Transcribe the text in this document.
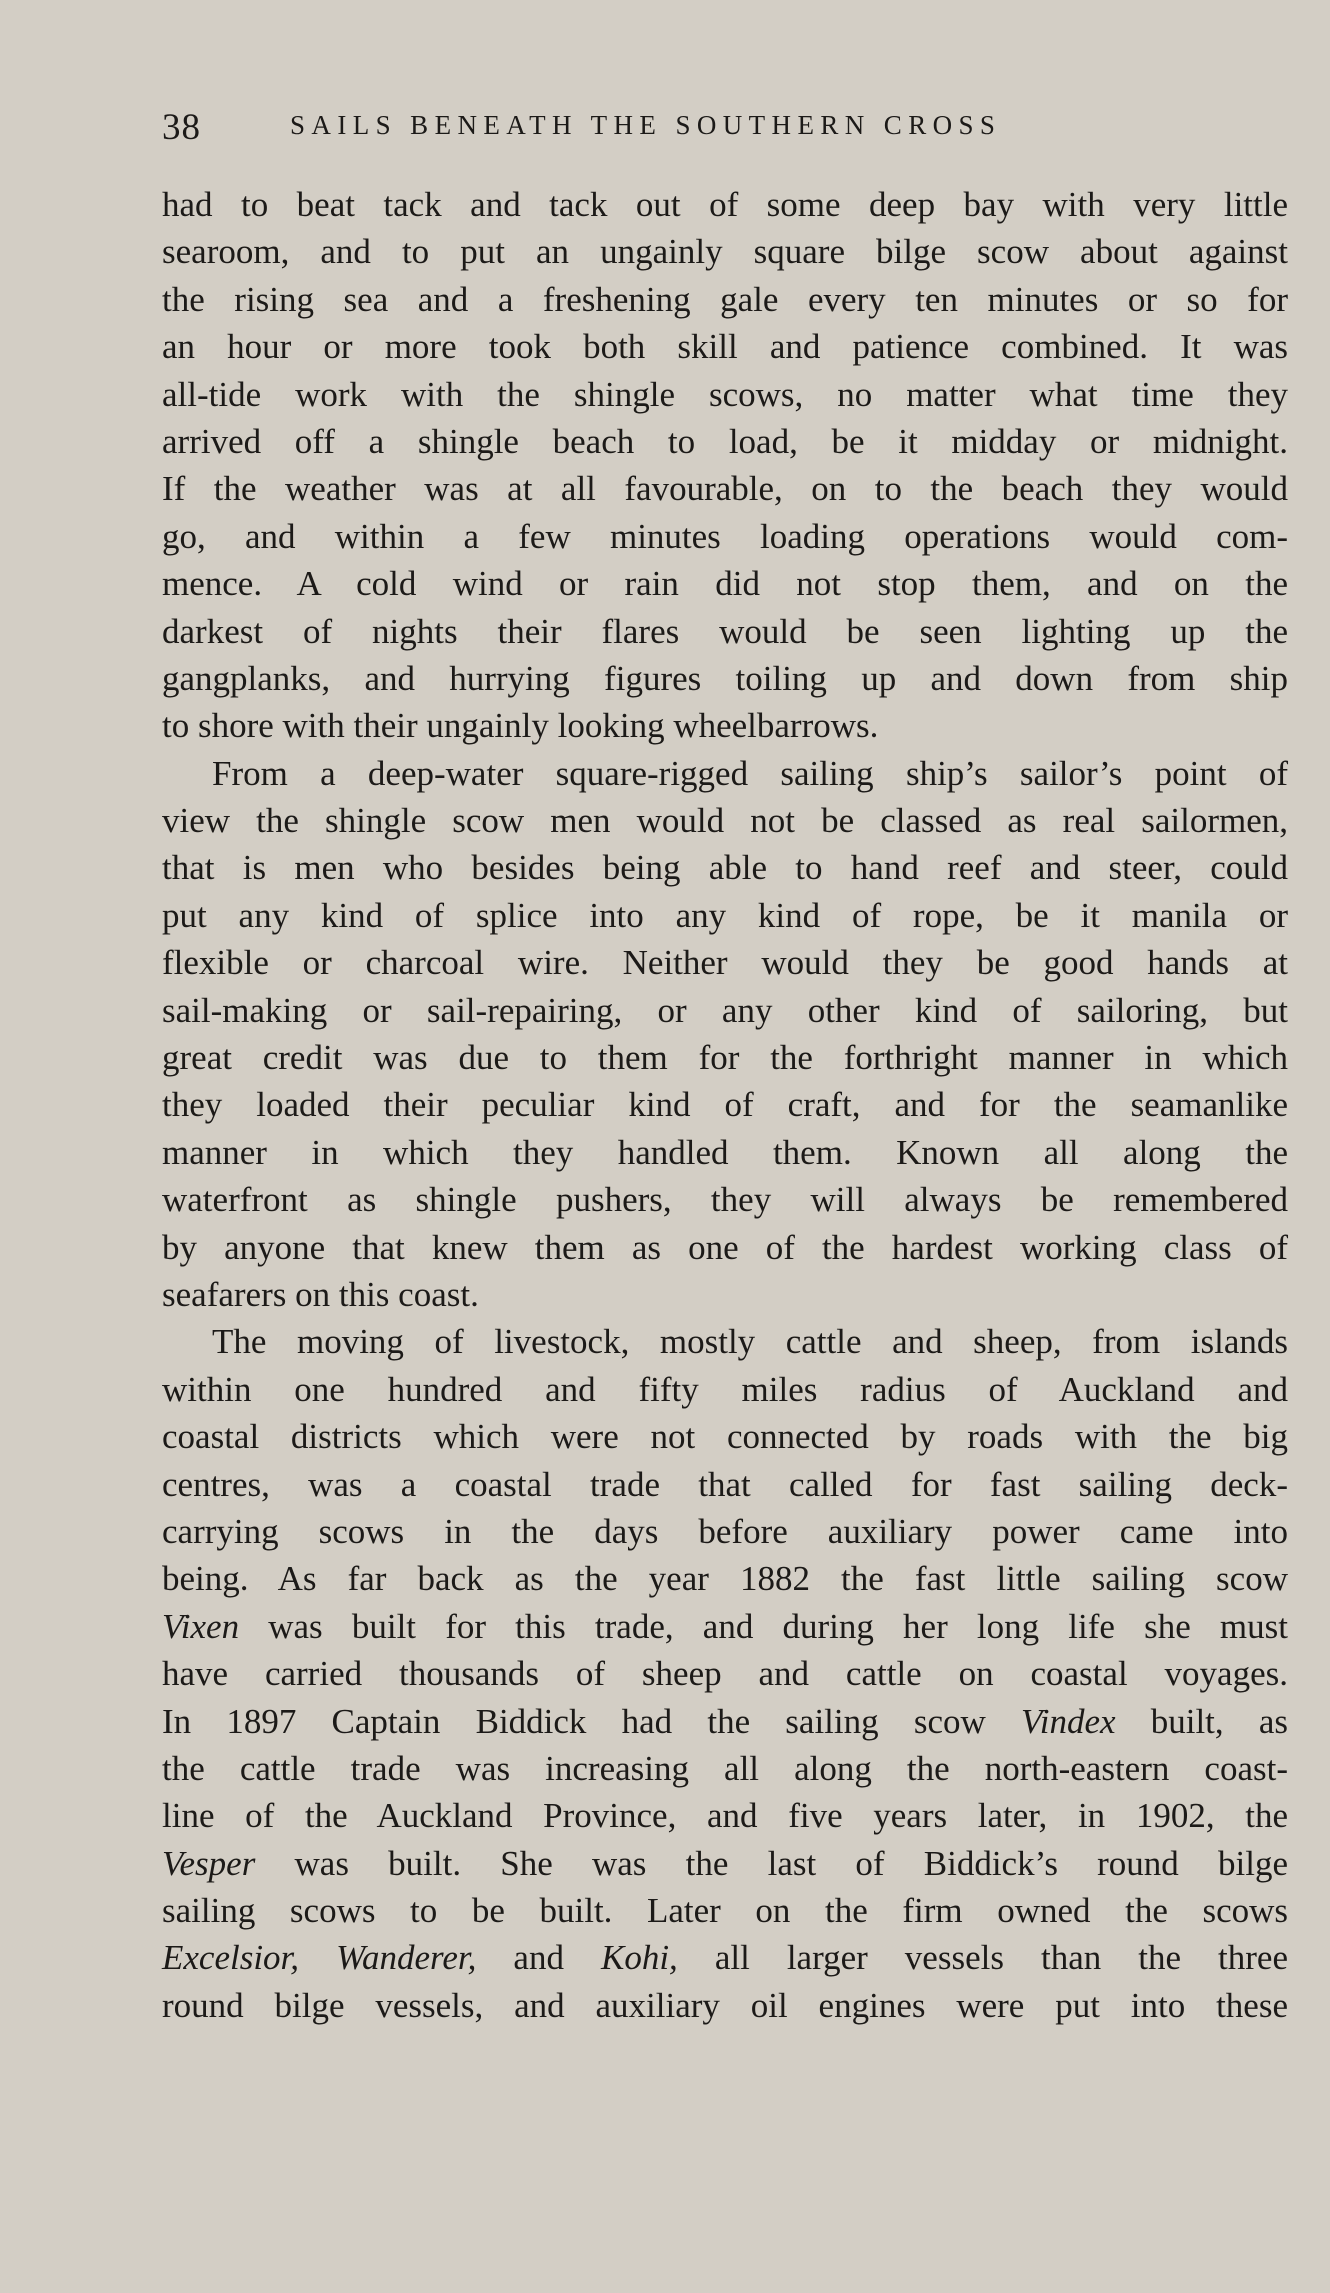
38	SAILS BENEATH THE SOUTHERN CROSS
had to beat tack and tack out of some deep bay with very little
searoom, and to put an ungainly square bilge scow about against
the rising sea and a freshening gale every ten minutes or so for
an hour or more took both skill and patience combined. It was
all-tide work with the shingle scows, no matter what time they
arrived off a shingle beach to load, be it midday or midnight.
If the weather was at all favourable, on to the beach they would
go, and within a few minutes loading operations would com-
mence. A cold wind or rain did not stop them, and on the
darkest of nights their flares would be seen lighting up the
gangplanks, and hurrying figures toiling up and down from ship
to shore with their ungainly looking wheelbarrows.
From a deep-water square-rigged sailing ship’s sailor’s point of
view the shingle scow men would not be classed as real sailormen,
that is men who besides being able to hand reef and steer, could
put any kind of splice into any kind of rope, be it manila or
flexible or charcoal wire. Neither would they be good hands at
sail-making or sail-repairing, or any other kind of sailoring, but
great credit was due to them for the forthright manner in which
they loaded their peculiar kind of craft, and for the seamanlike
manner in which they handled them. Known all along the
waterfront as shingle pushers, they will always be remembered
by anyone that knew them as one of the hardest working class of
seafarers on this coast.
The moving of livestock, mostly cattle and sheep, from islands
within one hundred and fifty miles radius of Auckland and
coastal districts which were not connected by roads with the big
centres, was a coastal trade that called for fast sailing deck-
carrying scows in the days before auxiliary power came into
being. As far back as the year 1882 the fast little sailing scow
Vixen was built for this trade, and during her long life she must
have carried thousands of sheep and cattle on coastal voyages.
In 1897 Captain Biddick had the sailing scow Vindex built, as
the cattle trade was increasing all along the north-eastern coast-
line of the Auckland Province, and five years later, in 1902, the
Vesper was built. She was the last of Biddick’s round bilge
sailing scows to be built. Later on the firm owned the scows
Excelsior, Wanderer, and Kohi, all larger vessels than the three
round bilge vessels, and auxiliary oil engines were put into these
